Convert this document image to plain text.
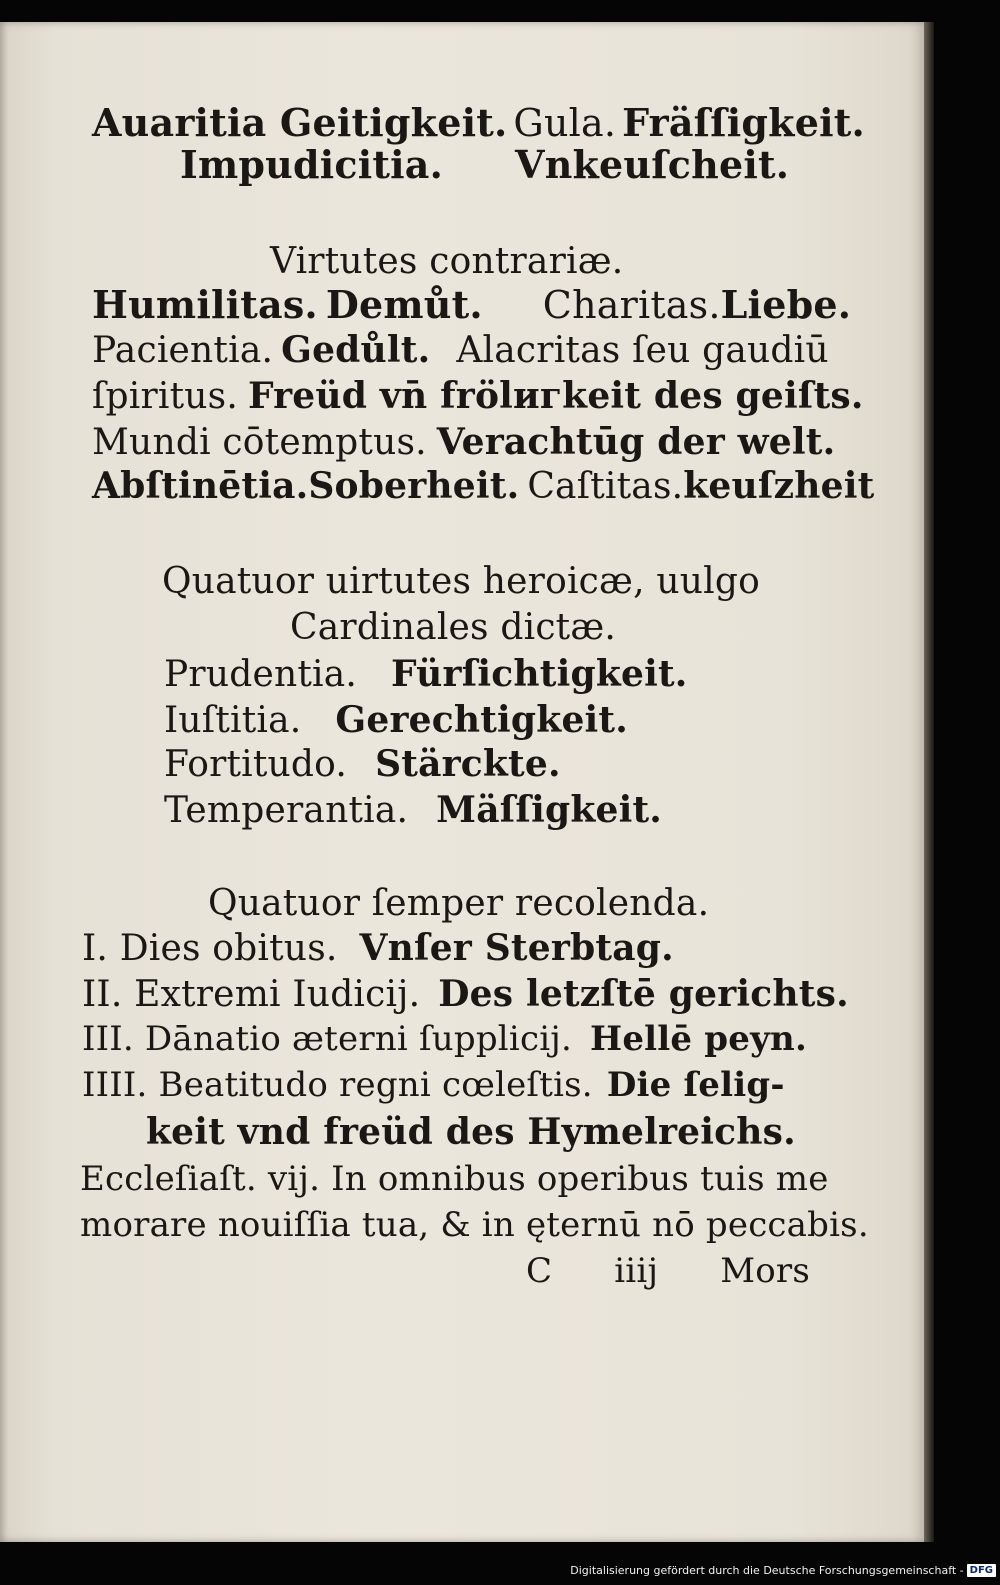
Auaritia Geitigkeit. Gula. Fräſſigkeit.
Impudicitia. Vnkeuſcheit.
Virtutes contrariæ.
Humilitas. Demůt. Charitas.Liebe.
Pacientia. Gedůlt. Alacritas ſeu gaudiū
ſpiritus. Freüd vn̄ frölигkeit des geiſts.
Mundi cōtemptus. Verachtūg der welt.
Abſtinētia.Soberheit. Caſtitas.keuſzheit
Quatuor uirtutes heroicæ, uulgo
Cardinales dictæ.
Prudentia. Fürſichtigkeit.
Iuſtitia. Gerechtigkeit.
Fortitudo. Stärckte.
Temperantia. Mäſſigkeit.
Quatuor ſemper recolenda.
I. Dies obitus. Vnſer Sterbtag.
II. Extremi Iudicij. Des letzſtē gerichts.
III. Dānatio æterni ſupplicij. Hellē peyn.
IIII. Beatitudo regni cœleſtis. Die ſelig-
keit vnd freüd des Hymelreichs.
Eccleſiaſt. vij. In omnibus operibus tuis me
morare nouiſſia tua, & in ęternū nō peccabis.
C iiij Mors
Digitalisierung gefördert durch die Deutsche Forschungsgemeinschaft - DFG
